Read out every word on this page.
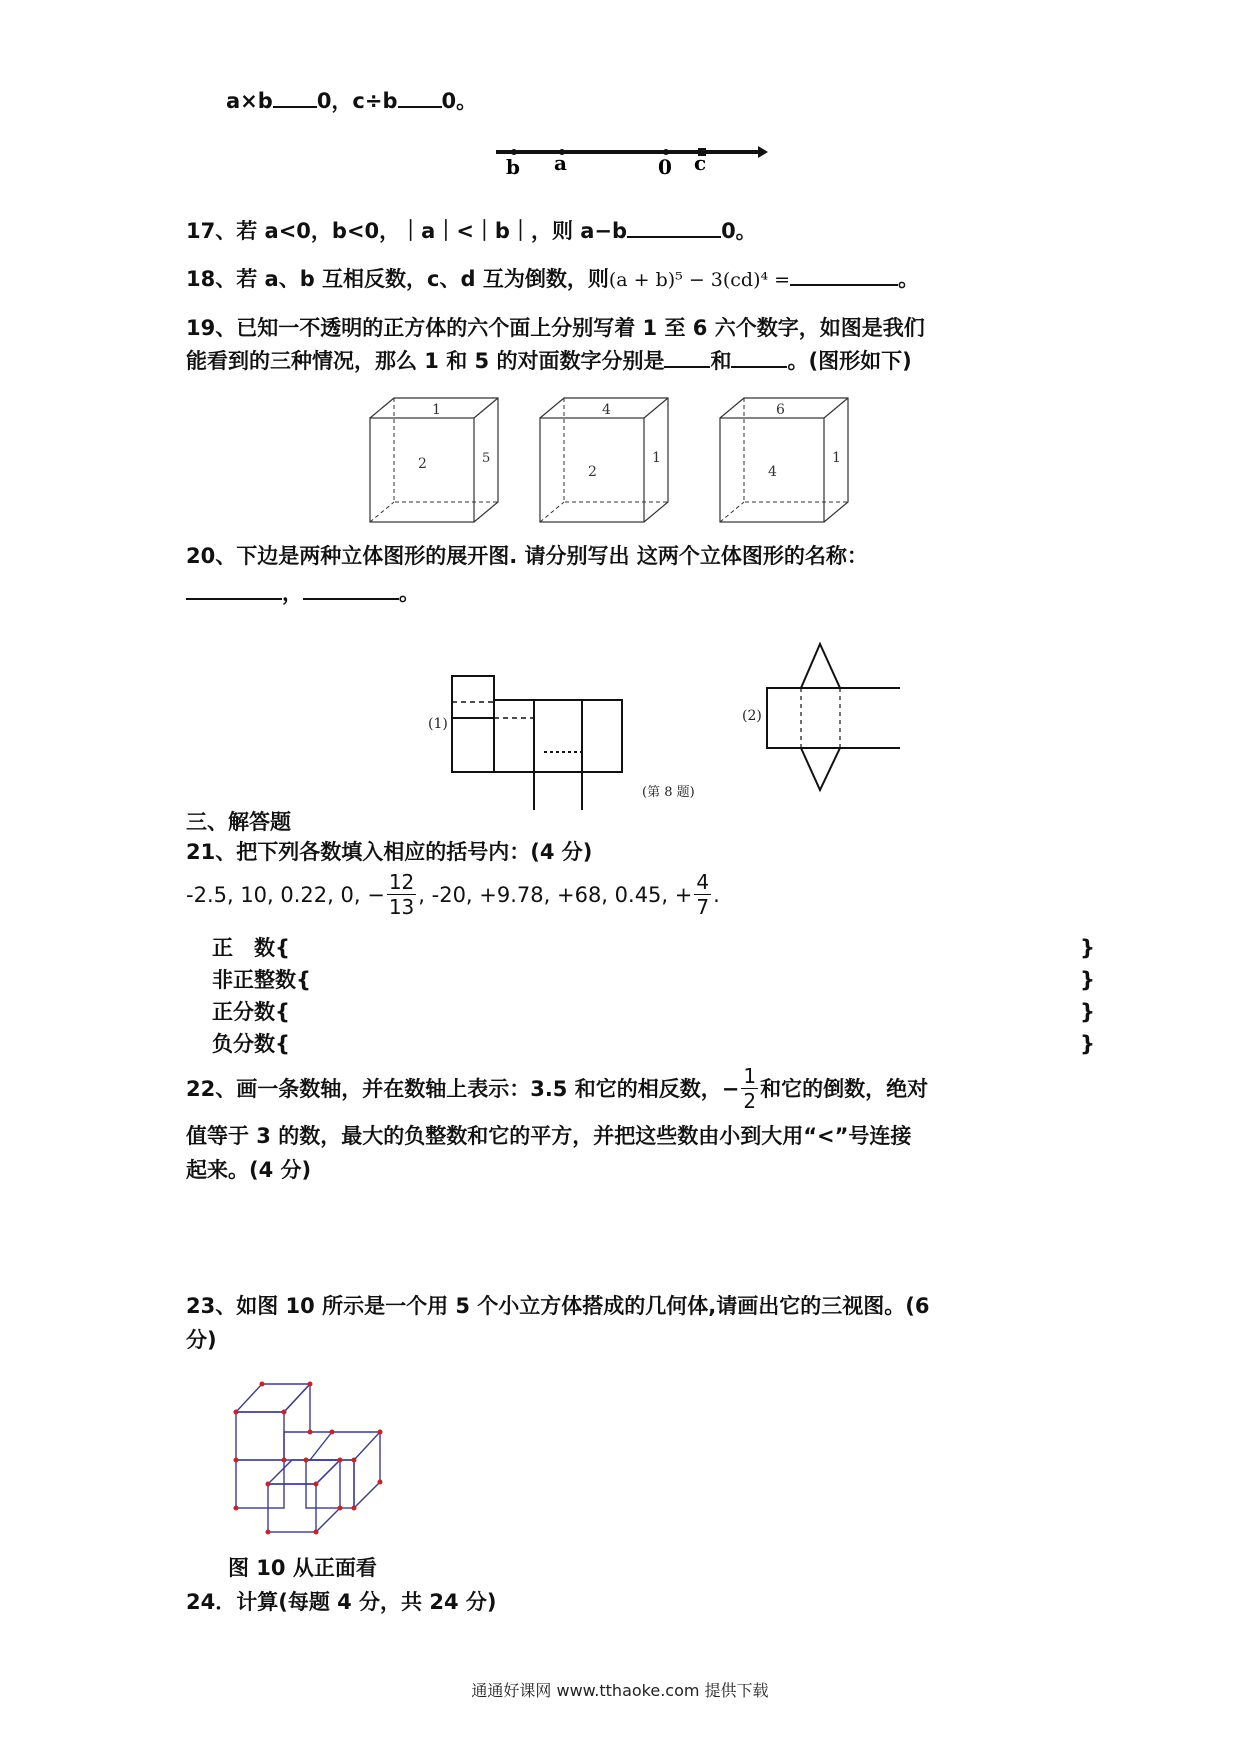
a×b 0，c÷b 0。
b a	0 c
17、若 a<0，b<0，｜a｜<｜b｜，则 a−b	0。
18、若 a、b 互相反数，c、d 互为倒数，则(a + b)⁵ − 3(cd)⁴ =	。
19、已知一不透明的正方体的六个面上分别写着 1 至 6 六个数字，如图是我们
能看到的三种情况，那么 1 和 5 的对面数字分别是 和	。(图形如下)
1
2	5
4
2
1
6
4
1
20、下边是两种立体图形的展开图. 请分别写出 这两个立体图形的名称：
，	。
(1)	(2)
(第 8 题)
三、解答题
21、把下列各数填入相应的括号内：(4 分)
-2.5, 10, 0.22, 0, − $\frac{12}{13}$ , -20, +9.78, +68, 0.45, + $\frac{4}{7}$ .
正　数{	}
非正整数{	}
正分数{	}
负分数{	}
22、画一条数轴，并在数轴上表示：3.5 和它的相反数，− $\frac{1}{2}$ 和它的倒数，绝对
值等于 3 的数，最大的负整数和它的平方，并把这些数由小到大用“<”号连接
起来。(4 分)
23、如图 10 所示是一个用 5 个小立方体搭成的几何体,请画出它的三视图。(6
分)
图 10 从正面看
24．计算(每题 4 分，共 24 分)
通通好课网 www.tthaoke.com 提供下载
